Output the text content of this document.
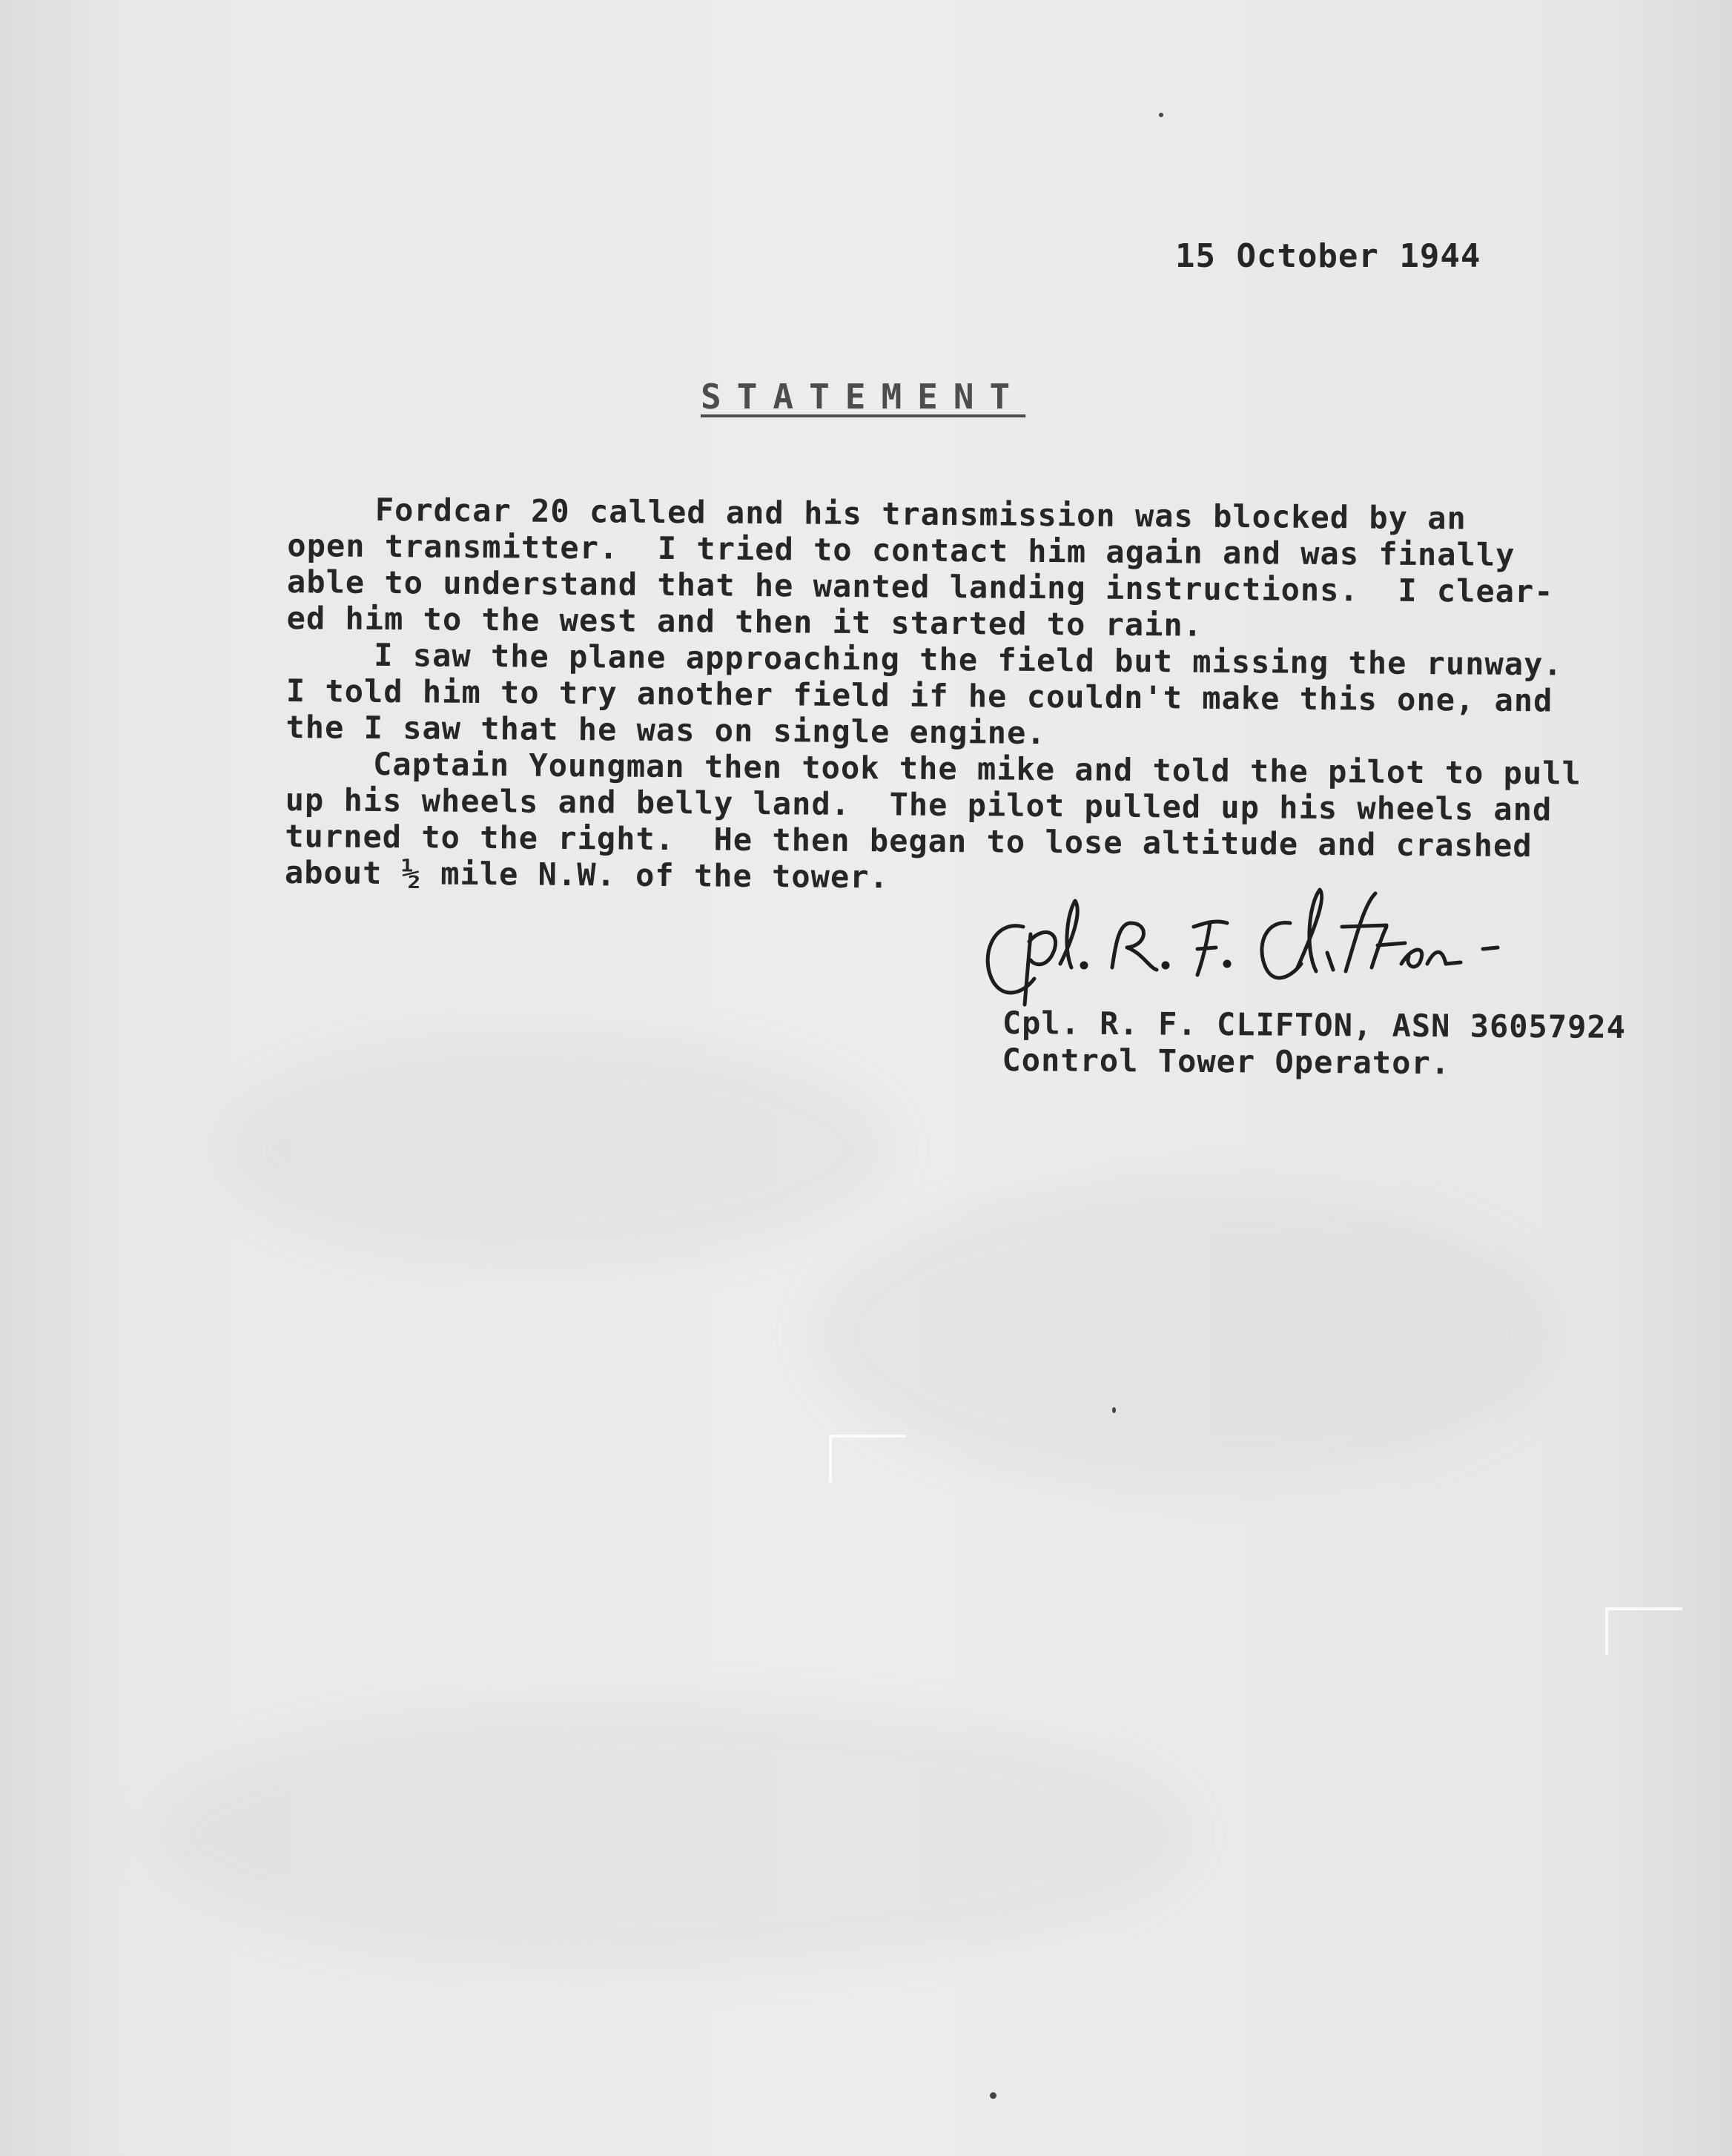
15 October 1944
STATEMENT
Fordcar 20 called and his transmission was blocked by an
open transmitter.  I tried to contact him again and was finally
able to understand that he wanted landing instructions.  I clear-
ed him to the west and then it started to rain.
I saw the plane approaching the field but missing the runway.
I told him to try another field if he couldn't make this one, and
the I saw that he was on single engine.
Captain Youngman then took the mike and told the pilot to pull
up his wheels and belly land.  The pilot pulled up his wheels and
turned to the right.  He then began to lose altitude and crashed
about ½ mile N.W. of the tower.
Cpl. R. F. CLIFTON, ASN 36057924
Control Tower Operator.
